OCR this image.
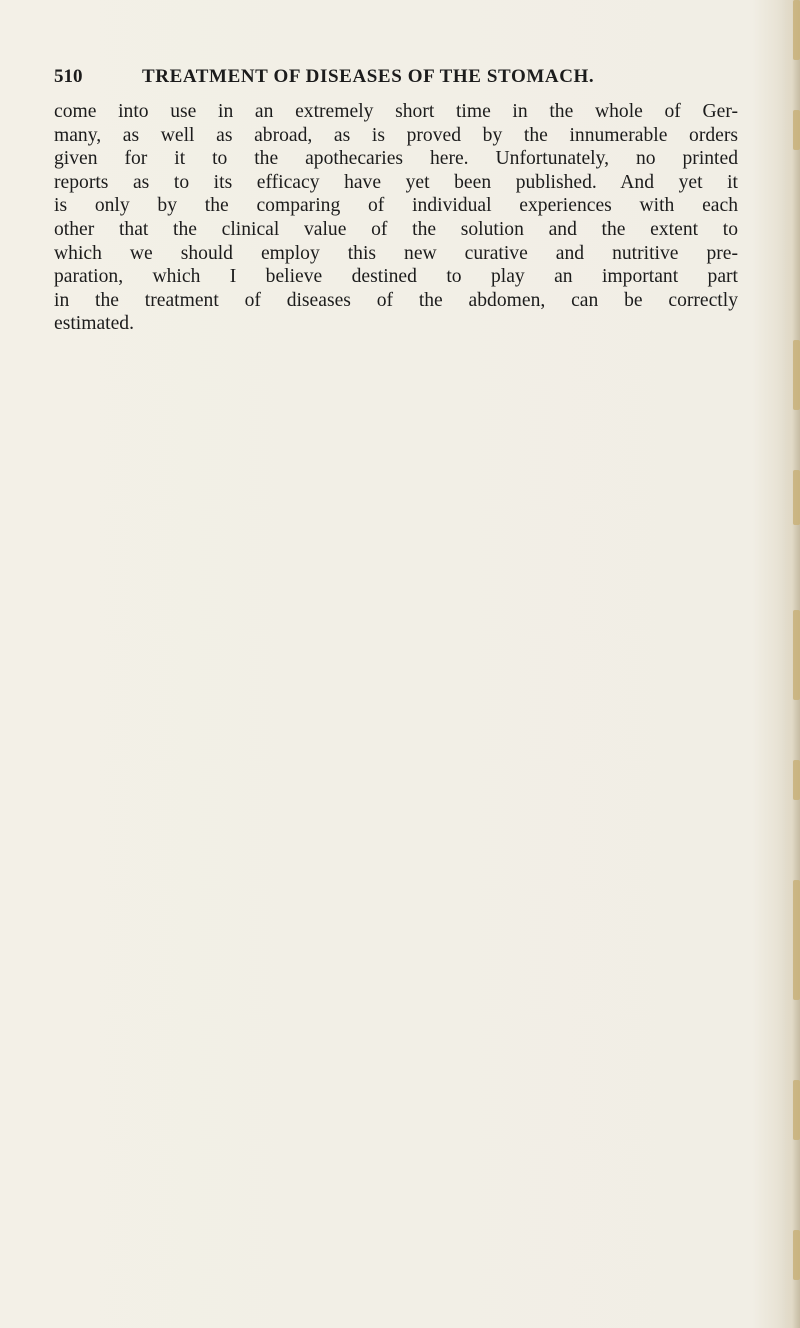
510	TREATMENT OF DISEASES OF THE STOMACH.
come into use in an extremely short time in the whole of Ger-
many, as well as abroad, as is proved by the innumerable orders
given for it to the apothecaries here. Unfortunately, no printed
reports as to its efficacy have yet been published. And yet it
is only by the comparing of individual experiences with each
other that the clinical value of the solution and the extent to
which we should employ this new curative and nutritive pre-
paration, which I believe destined to play an important part
in the treatment of diseases of the abdomen, can be correctly
estimated.
